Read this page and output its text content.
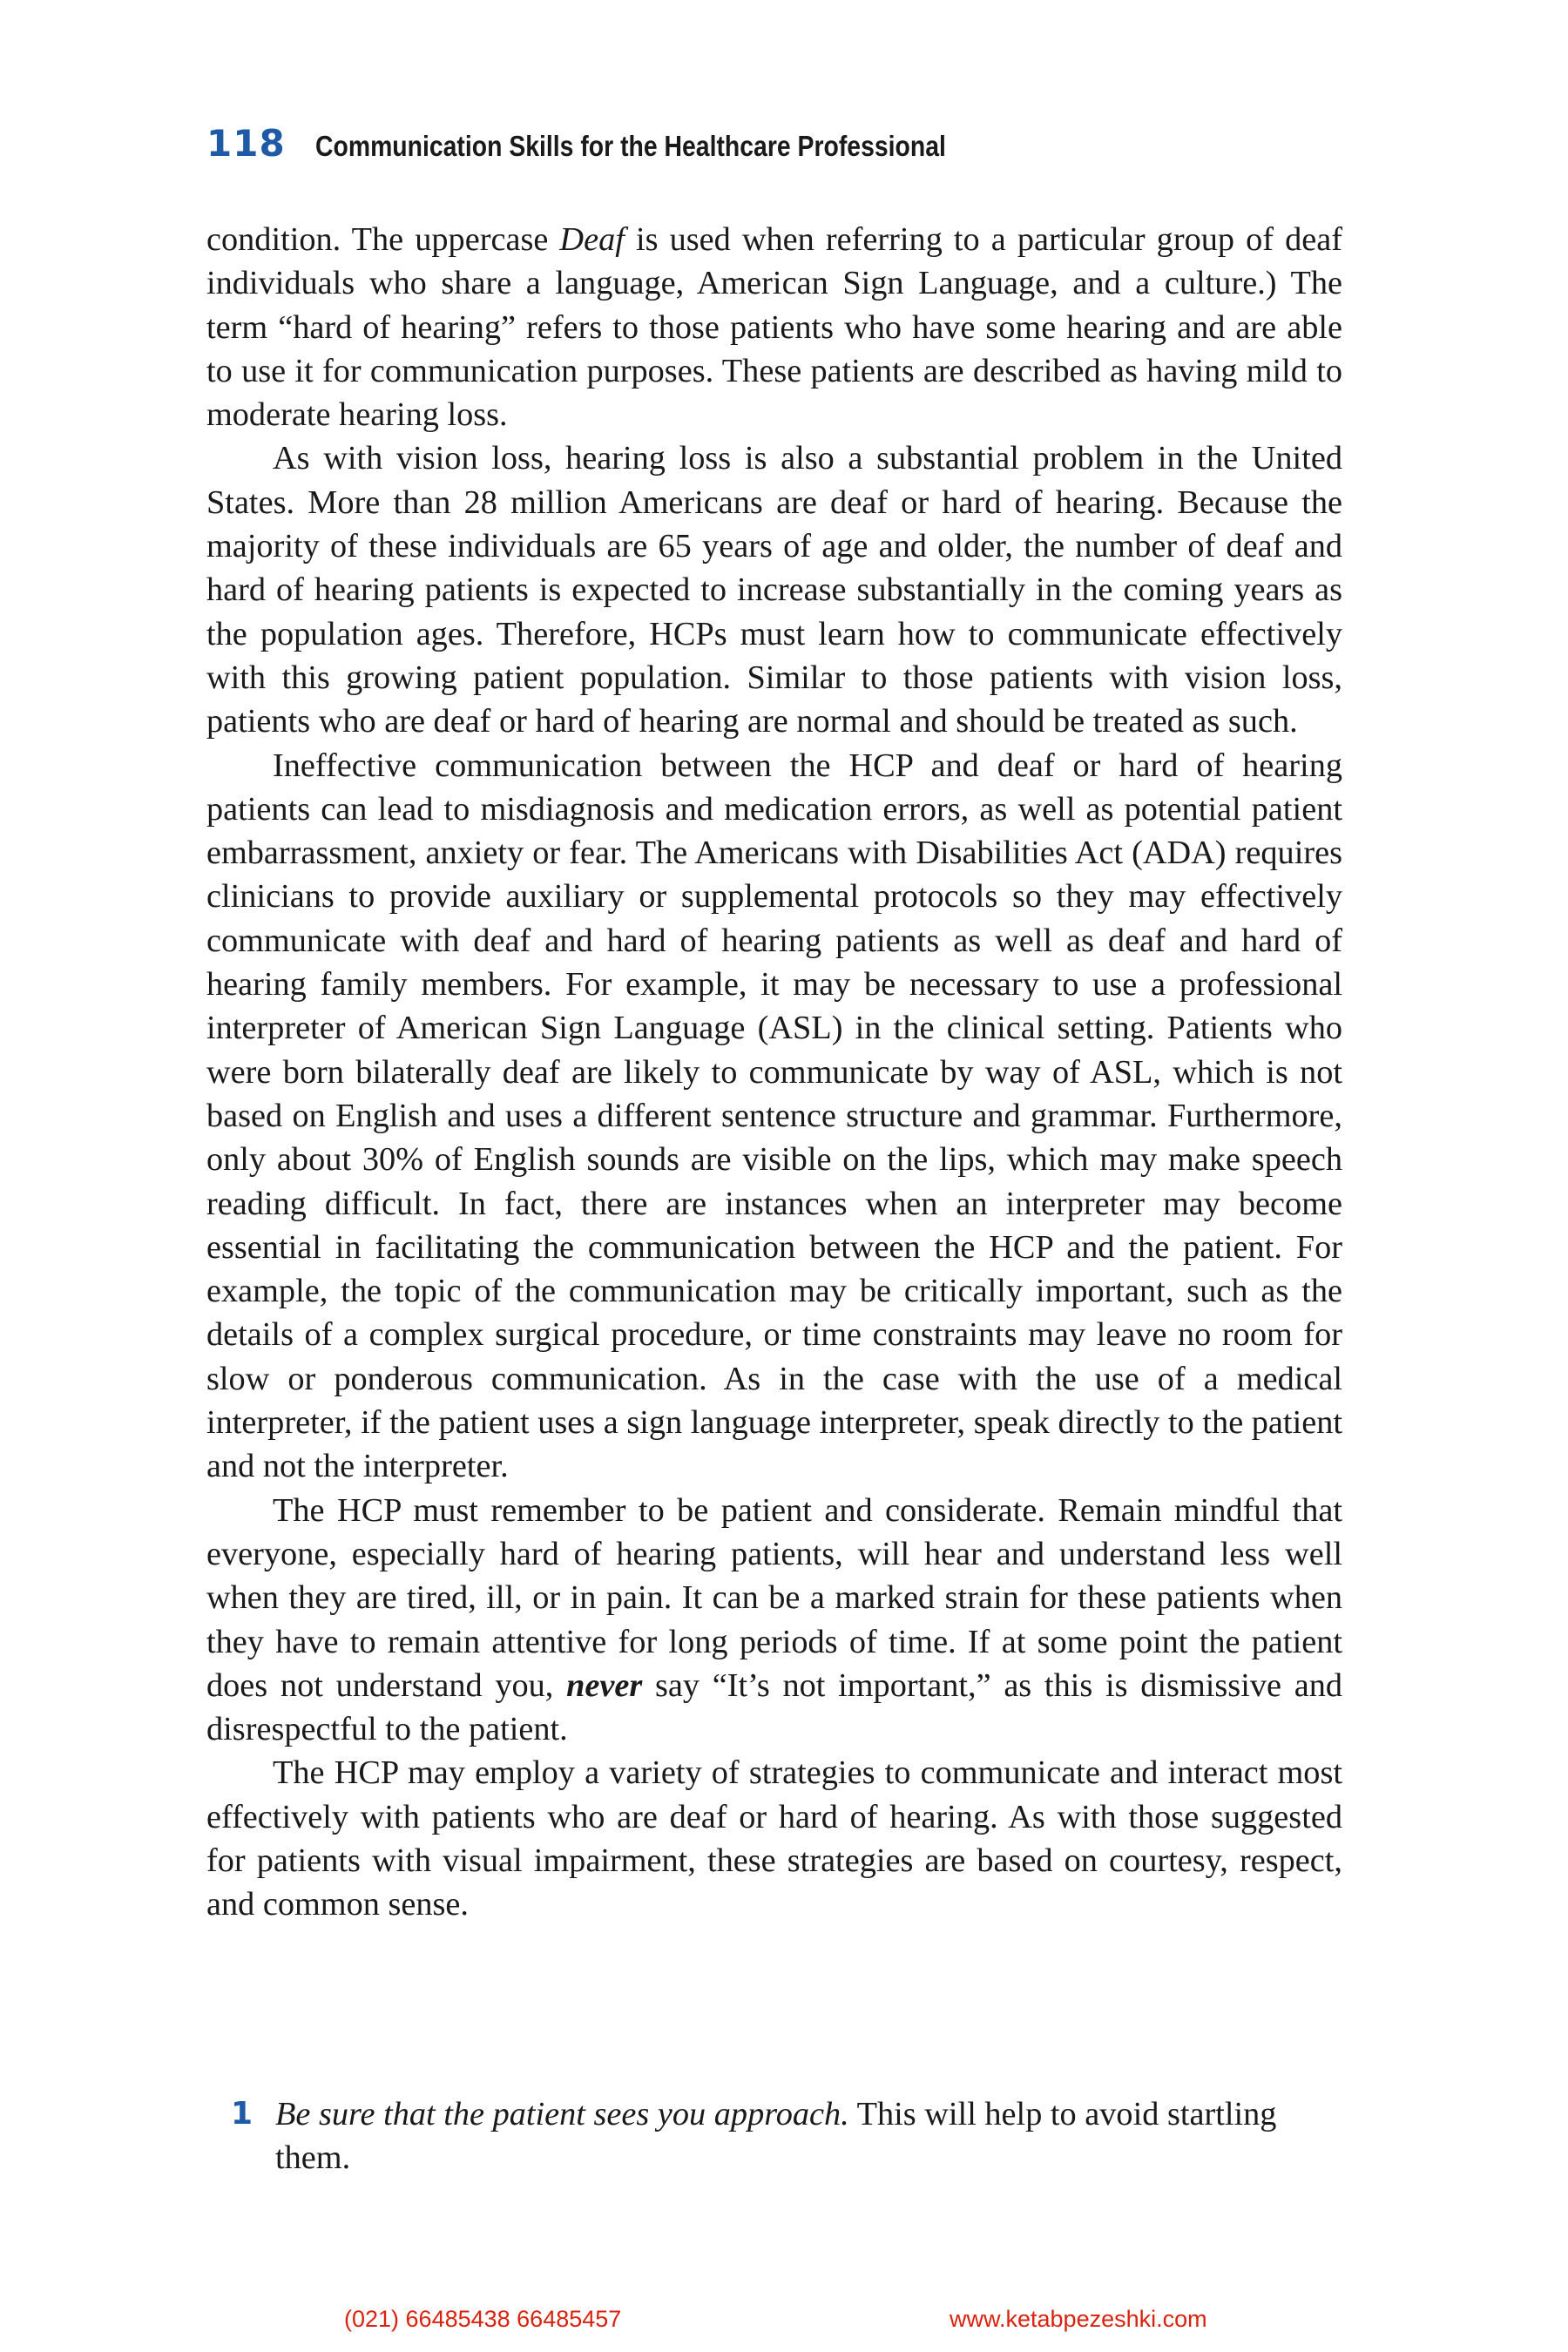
118 Communication Skills for the Healthcare Professional

condition. The uppercase Deaf is used when referring to a particular group of deaf individuals who share a language, American Sign Language, and a culture.) The term “hard of hearing” refers to those patients who have some hearing and are able to use it for communication purposes. These patients are described as having mild to moderate hearing loss.

As with vision loss, hearing loss is also a substantial problem in the United States. More than 28 million Americans are deaf or hard of hearing. Because the majority of these individuals are 65 years of age and older, the number of deaf and hard of hearing patients is expected to increase substantially in the coming years as the population ages. Therefore, HCPs must learn how to communicate effectively with this growing patient population. Similar to those patients with vision loss, patients who are deaf or hard of hearing are normal and should be treated as such.

Ineffective communication between the HCP and deaf or hard of hearing patients can lead to misdiagnosis and medication errors, as well as potential patient embarrassment, anxiety or fear. The Americans with Disabilities Act (ADA) requires clinicians to provide auxiliary or supplemental protocols so they may effectively communicate with deaf and hard of hearing patients as well as deaf and hard of hearing family members. For example, it may be necessary to use a professional interpreter of American Sign Language (ASL) in the clinical setting. Patients who were born bilaterally deaf are likely to communicate by way of ASL, which is not based on English and uses a different sentence structure and grammar. Furthermore, only about 30% of English sounds are visible on the lips, which may make speech reading difficult. In fact, there are instances when an interpreter may become essential in facilitating the communication between the HCP and the patient. For example, the topic of the communication may be critically important, such as the details of a complex surgical procedure, or time constraints may leave no room for slow or ponderous communication. As in the case with the use of a medical interpreter, if the patient uses a sign language interpreter, speak directly to the patient and not the interpreter.

The HCP must remember to be patient and considerate. Remain mindful that everyone, especially hard of hearing patients, will hear and understand less well when they are tired, ill, or in pain. It can be a marked strain for these patients when they have to remain attentive for long periods of time. If at some point the patient does not understand you, never say “It’s not important,” as this is dismissive and disrespectful to the patient.

The HCP may employ a variety of strategies to communicate and interact most effectively with patients who are deaf or hard of hearing. As with those suggested for patients with visual impairment, these strategies are based on courtesy, respect, and common sense.

1 Be sure that the patient sees you approach. This will help to avoid startling them.
(021) 66485438 66485457	www.ketabpezeshki.com
